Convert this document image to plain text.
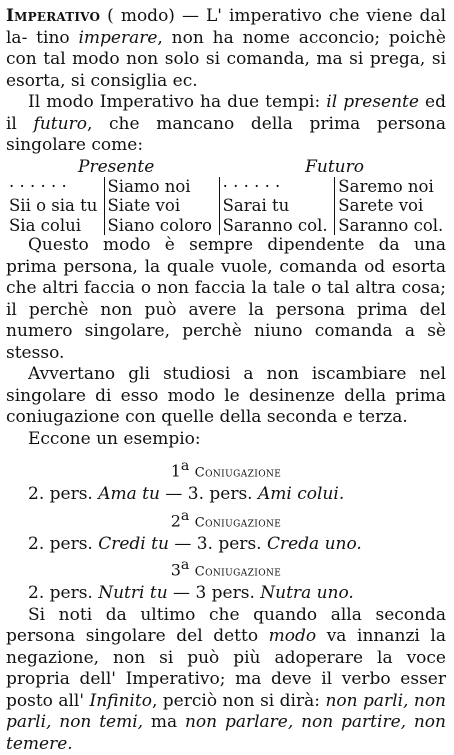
Imperativo ( modo) — L' imperativo che viene dal la- tino imperare, non ha nome acconcio; poichè con tal modo non solo si comanda, ma si prega, si esorta, si consiglia ec.

Il modo Imperativo ha due tempi: il presente ed il futuro, che mancano della prima persona singolare come:

Presente	Futuro
· · · · · ·	Siamo noi	· · · · · ·	Saremo noi
Sii o sia tu	Siate voi	Sarai tu	Sarete voi
Sia colui	Siano coloro	Saranno col.	Saranno col.

Questo modo è sempre dipendente da una prima persona, la quale vuole, comanda od esorta che altri faccia o non faccia la tale o tal altra cosa; il perchè non può avere la persona prima del numero singolare, perchè niuno comanda a sè stesso.

Avvertano gli studiosi a non iscambiare nel singolare di esso modo le desinenze della prima coniugazione con quelle della seconda e terza.

Eccone un esempio:

1$^a$ Coniugazione

2. pers. Ama tu — 3. pers. Ami colui.

2$^a$ Coniugazione

2. pers. Credi tu — 3. pers. Creda uno.

3$^a$ Coniugazione

2. pers. Nutri tu — 3 pers. Nutra uno.

Si noti da ultimo che quando alla seconda persona singolare del detto modo va innanzi la negazione, non si può più adoperare la voce propria dell' Imperativo; ma deve il verbo esser posto all' Infinito, perciò non si dirà: non parli, non parli, non temi, ma non parlare, non partire, non temere.
